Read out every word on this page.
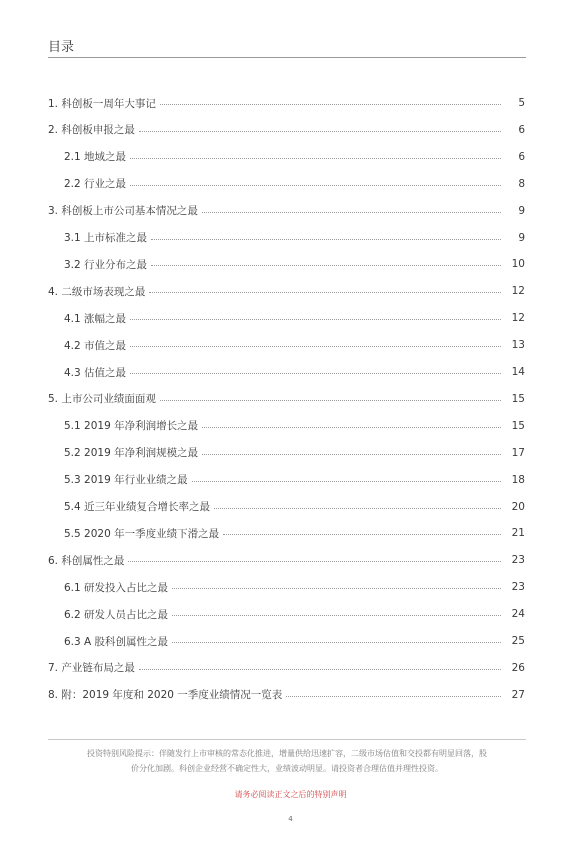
目录
1. 科创板一周年大事记	5
2. 科创板申报之最	6
2.1 地域之最	6
2.2 行业之最	8
3. 科创板上市公司基本情况之最	9
3.1 上市标准之最	9
3.2 行业分布之最	10
4. 二级市场表现之最	12
4.1 涨幅之最	12
4.2 市值之最	13
4.3 估值之最	14
5. 上市公司业绩面面观	15
5.1 2019 年净利润增长之最	15
5.2 2019 年净利润规模之最	17
5.3 2019 年行业业绩之最	18
5.4 近三年业绩复合增长率之最	20
5.5 2020 年一季度业绩下滑之最	21
6. 科创属性之最	23
6.1 研发投入占比之最	23
6.2 研发人员占比之最	24
6.3 A 股科创属性之最	25
7. 产业链布局之最	26
8. 附：2019 年度和 2020 一季度业绩情况一览表	27
投资特别风险提示：伴随发行上市审核的常态化推进，增量供给迅速扩容，二级市场估值和交投都有明显回落，股
价分化加剧。科创企业经营不确定性大，业绩波动明显。请投资者合理估值并理性投资。
请务必阅读正文之后的特别声明
4
